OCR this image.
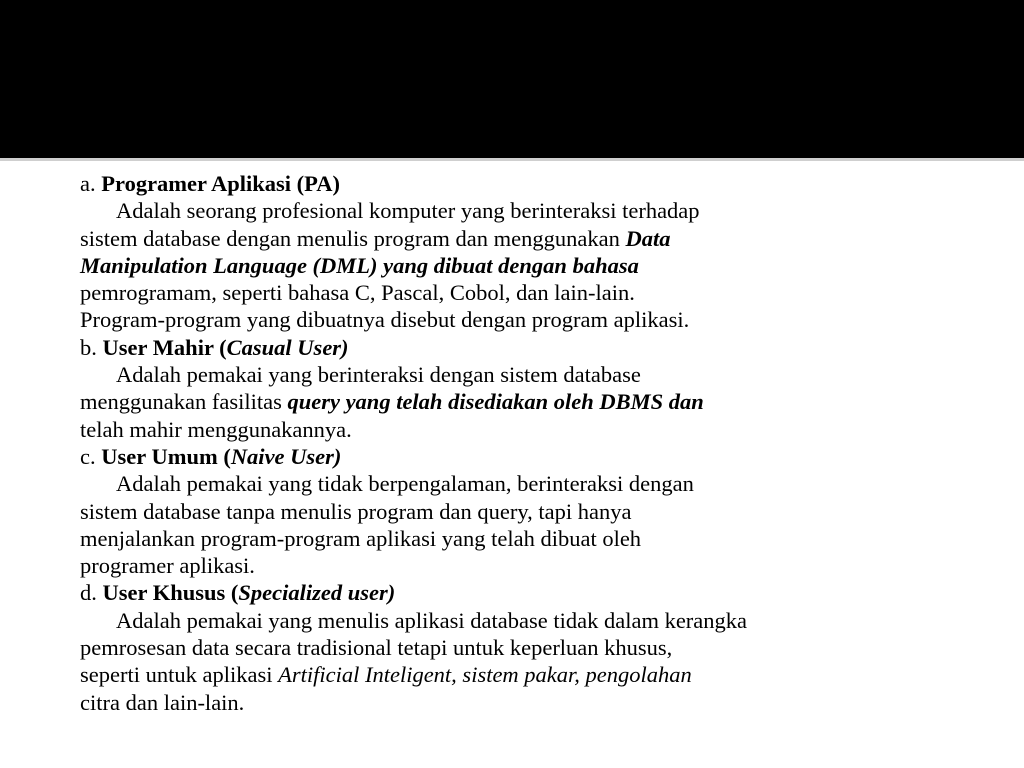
a. Programer Aplikasi (PA)
Adalah seorang profesional komputer yang berinteraksi terhadap
sistem database dengan menulis program dan menggunakan Data
Manipulation Language (DML) yang dibuat dengan bahasa
pemrogramam, seperti bahasa C, Pascal, Cobol, dan lain-lain.
Program-program yang dibuatnya disebut dengan program aplikasi.
b. User Mahir (Casual User)
Adalah pemakai yang berinteraksi dengan sistem database
menggunakan fasilitas query yang telah disediakan oleh DBMS dan
telah mahir menggunakannya.
c. User Umum (Naive User)
Adalah pemakai yang tidak berpengalaman, berinteraksi dengan
sistem database tanpa menulis program dan query, tapi hanya
menjalankan program-program aplikasi yang telah dibuat oleh
programer aplikasi.
d. User Khusus (Specialized user)
Adalah pemakai yang menulis aplikasi database tidak dalam kerangka
pemrosesan data secara tradisional tetapi untuk keperluan khusus,
seperti untuk aplikasi Artificial Inteligent, sistem pakar, pengolahan
citra dan lain-lain.
